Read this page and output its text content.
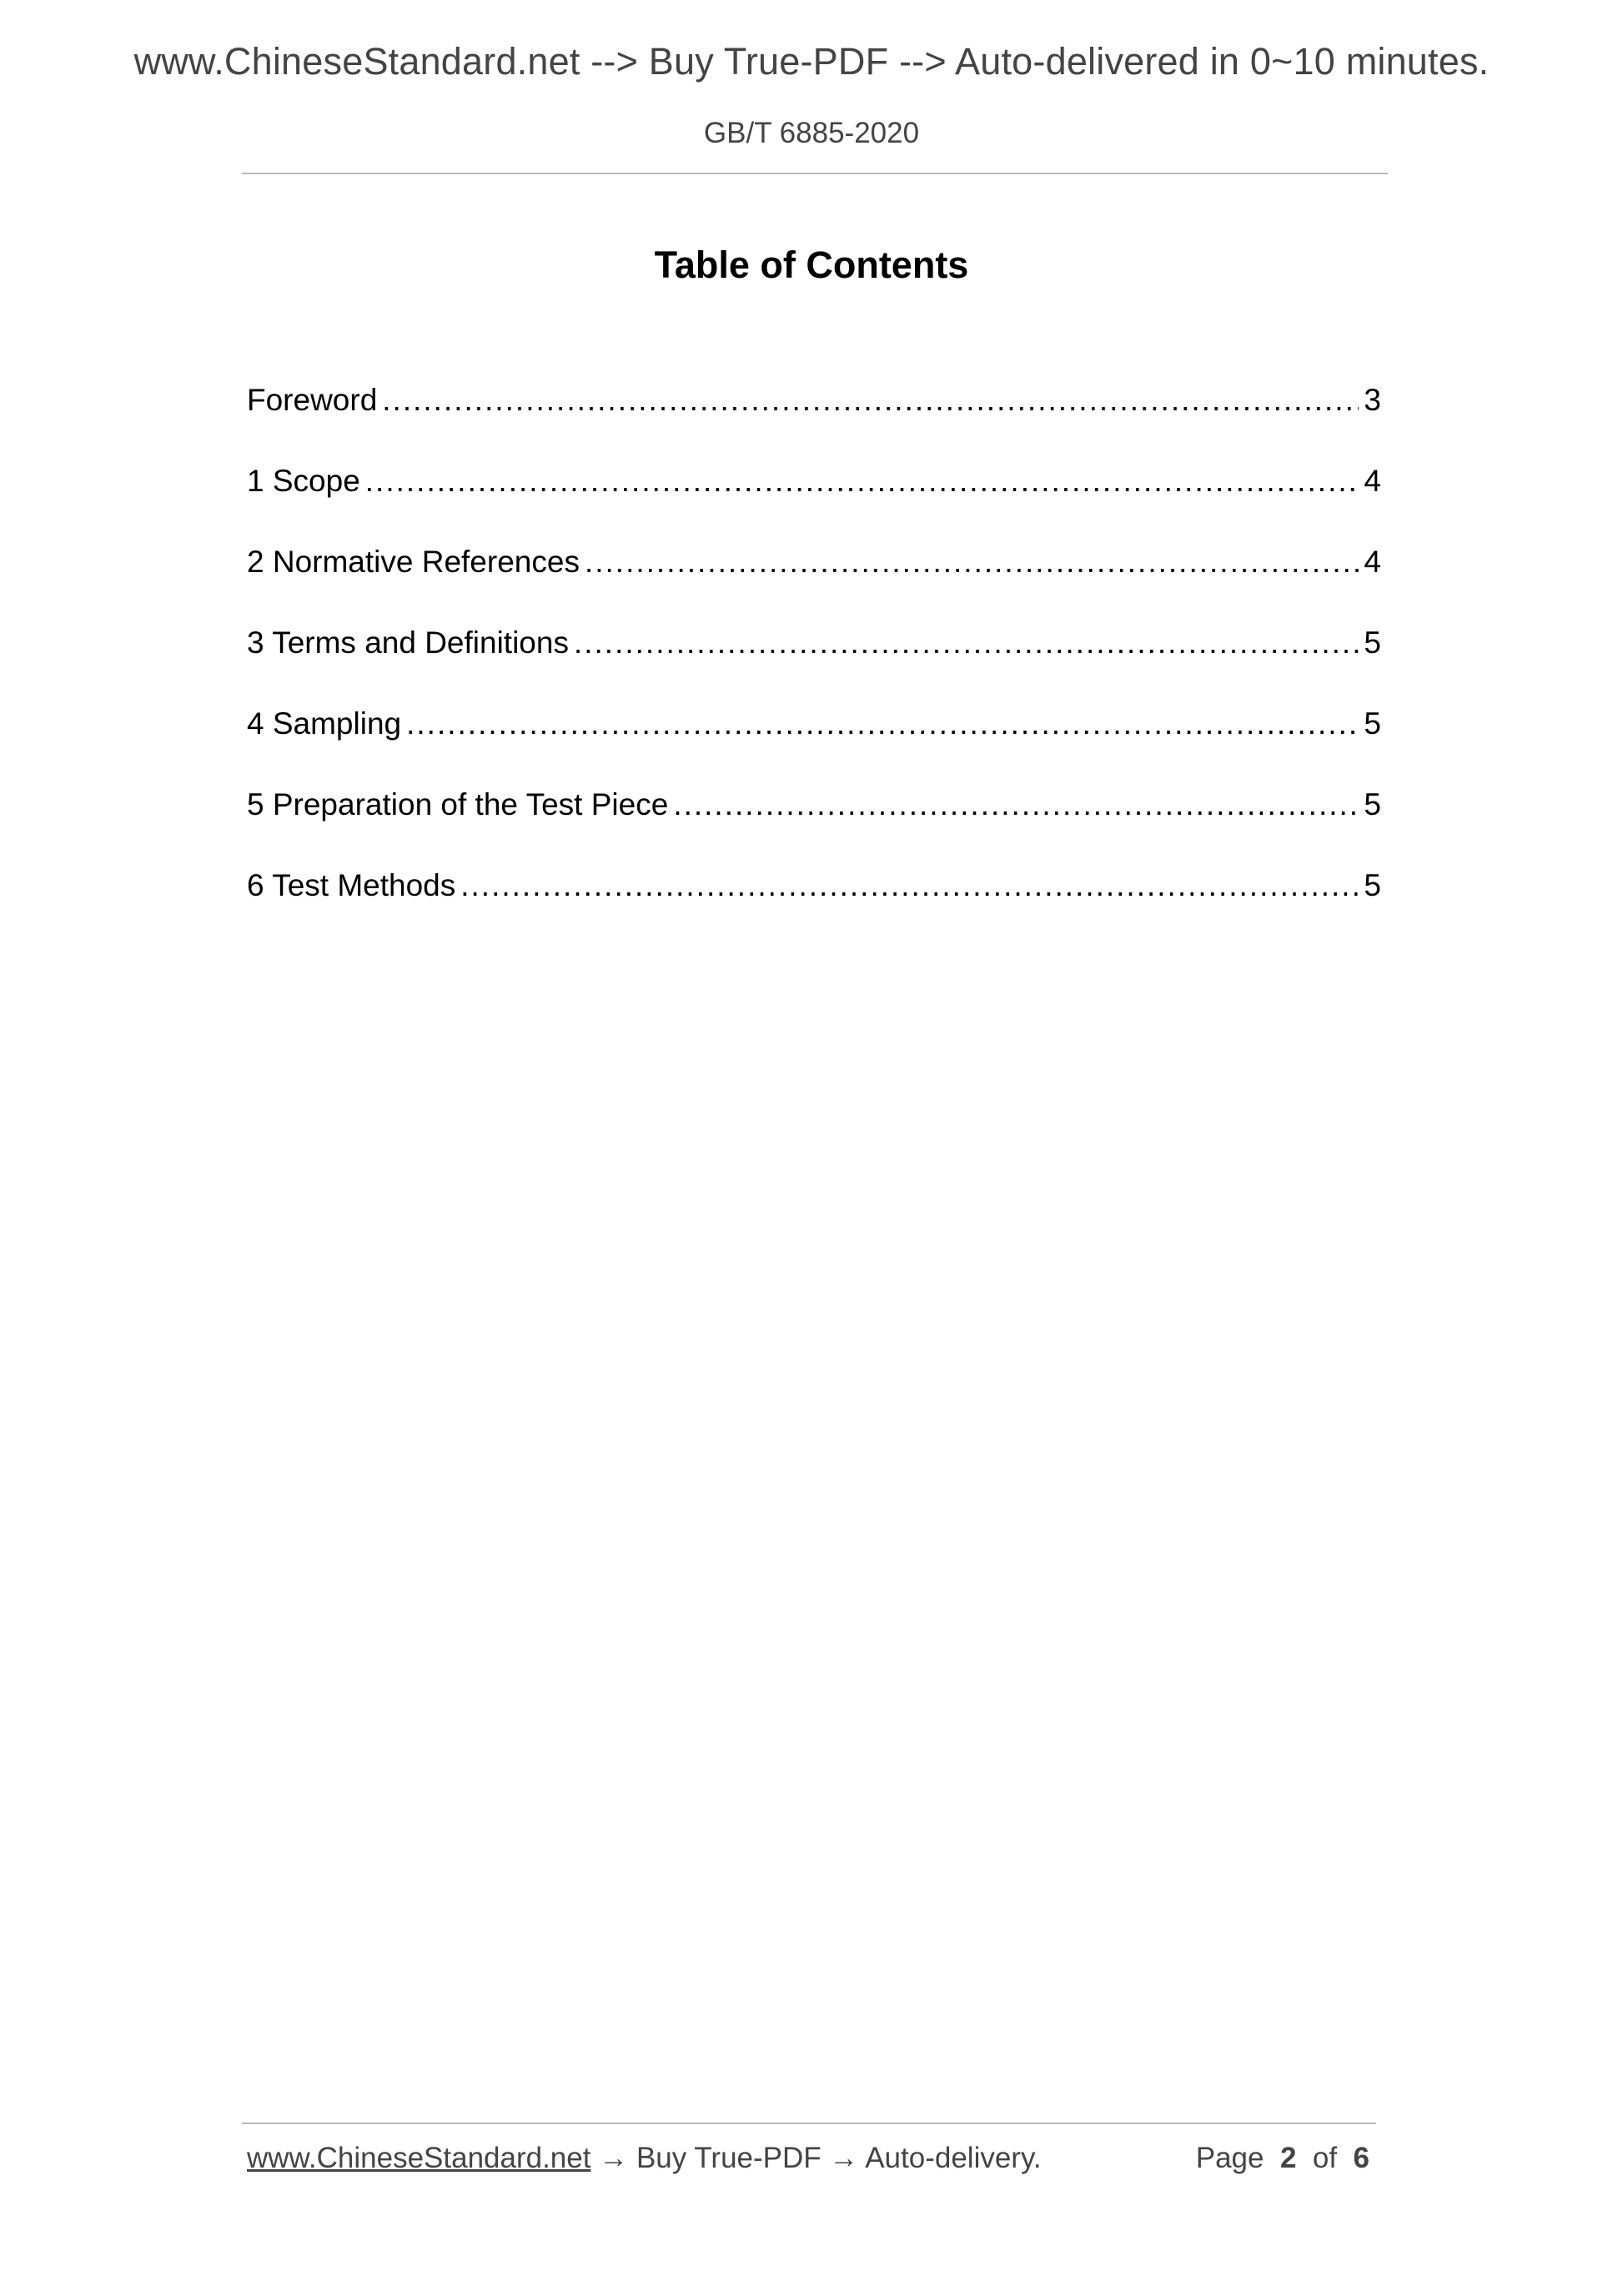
www.ChineseStandard.net --> Buy True-PDF --> Auto-delivered in 0~10 minutes.
GB/T 6885-2020
Table of Contents
Foreword .....	3
1 Scope .....	4
2 Normative References .....	4
3 Terms and Definitions .....	5
4 Sampling .....	5
5 Preparation of the Test Piece .....	5
6 Test Methods .....	5
www.ChineseStandard.net → Buy True-PDF → Auto-delivery.	Page 2 of 6
